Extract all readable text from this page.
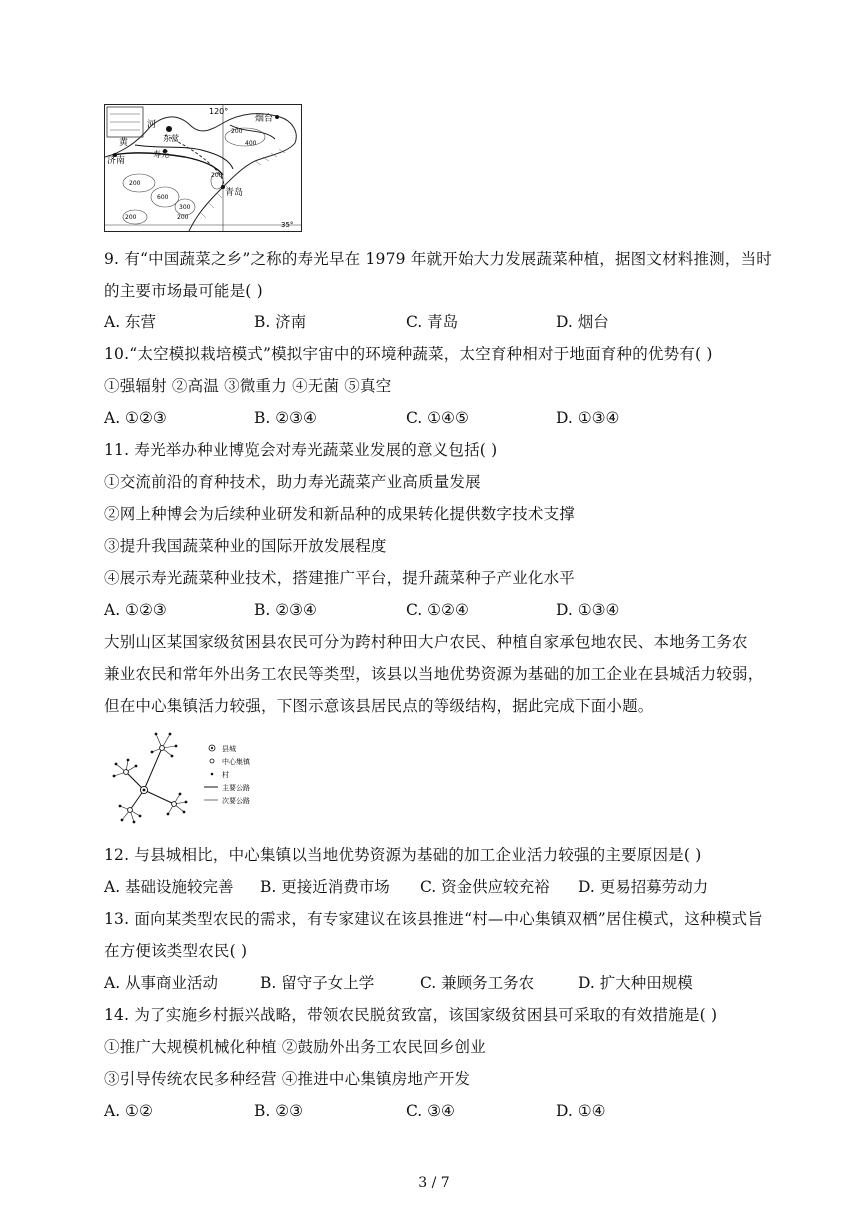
120°
35°
烟台
青岛
济南
寿光
东营
黄
河
200
400
200
600
300
200	200
200
9. 有“中国蔬菜之乡”之称的寿光早在 1979 年就开始大力发展蔬菜种植，据图文材料推测，当时
的主要市场最可能是( )
A. 东营	B. 济南	C. 青岛	D. 烟台
10.“太空模拟栽培模式”模拟宇宙中的环境种蔬菜，太空育种相对于地面育种的优势有( )
①强辐射 ②高温 ③微重力 ④无菌 ⑤真空
A. ①②③	B. ②③④	C. ①④⑤	D. ①③④
11. 寿光举办种业博览会对寿光蔬菜业发展的意义包括( )
①交流前沿的育种技术，助力寿光蔬菜产业高质量发展
②网上种博会为后续种业研发和新品种的成果转化提供数字技术支撑
③提升我国蔬菜种业的国际开放发展程度
④展示寿光蔬菜种业技术，搭建推广平台，提升蔬菜种子产业化水平
A. ①②③	B. ②③④	C. ①②④	D. ①③④
大别山区某国家级贫困县农民可分为跨村种田大户农民、种植自家承包地农民、本地务工务农
兼业农民和常年外出务工农民等类型，该县以当地优势资源为基础的加工企业在县城活力较弱，
但在中心集镇活力较强，下图示意该县居民点的等级结构，据此完成下面小题。
县城
中心集镇
村
主要公路
次要公路
12. 与县城相比，中心集镇以当地优势资源为基础的加工企业活力较强的主要原因是( )
A. 基础设施较完善 B. 更接近消费市场 C. 资金供应较充裕 D. 更易招募劳动力
13. 面向某类型农民的需求，有专家建议在该县推进“村—中心集镇双栖”居住模式，这种模式旨
在方便该类型农民( )
A. 从事商业活动	B. 留守子女上学	C. 兼顾务工务农	D. 扩大种田规模
14. 为了实施乡村振兴战略，带领农民脱贫致富，该国家级贫困县可采取的有效措施是( )
①推广大规模机械化种植 ②鼓励外出务工农民回乡创业
③引导传统农民多种经营 ④推进中心集镇房地产开发
A. ①②	B. ②③	C. ③④	D. ①④
3 / 7
